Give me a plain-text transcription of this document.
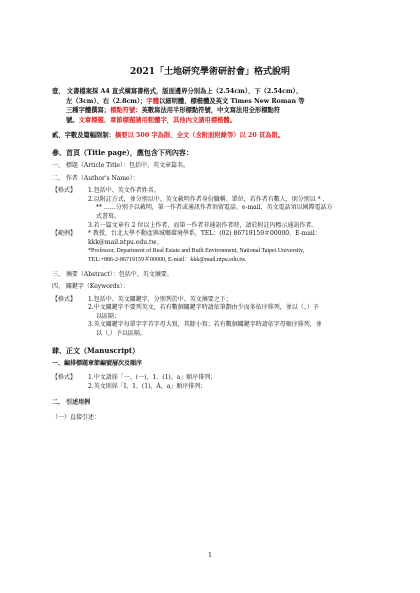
2021「土地研究學術研討會」格式說明

壹、 文書檔案採 A4 直式橫寫書格式，版面邊界分別為上（2.54cm）、下（2.54cm）、

左（3cm）、右（2.8cm）；字體以細明體、標楷體及英文 Times New Roman 等

三種字體撰寫；標點符號：英數寫法用半形標點符號，中文寫法用全形標點符

號。文章標題、章節標題請用粗體字，其他內文請用標楷體。

貳、字數及篇幅限制：摘要以 500 字為限、全文（含附面附錄等）以 20 頁為限。

參、首頁（Title page），應包含下列內容：

一、 標題（Article Title）：包括中、英文章篇名。

二、 作者（Author's Name）：

【格式】	1.包括中、英文作者姓名。

2.以附註方式，並分別以中、英文載明作者身份職稱、單位，若作者有數人，則分別以 * 、

** ……分別予以載明，第一作者或通訊作者須留電話、e-mail、英文電話須以國際電話方

式書寫。

3.若一篇文章有 2 位以上作者，而第一作者非通訊作者時，請於附註內標示通訊作者。

【範例】	* 教授，台北大學不動產與城鄉環境學系，TEL：(02) 86719159＃00000，E-mail：

kkk@mail.ntpu.edu.tw。

*Professor, Department of Real Estate and Built Environment, National Taipei University,

TEL:+886-2-86719159＃00000, E-mail：kkk@mail.ntpu.edu.tw.

三、 摘要（Abstract）：包括中、英文摘要。

四、 關鍵字（Keywords）：

【格式】	1.包括中、英文關鍵字，分別列於中、英文摘要之下；

2.中文關鍵字不要列英文，若有數個關鍵字時請依筆劃由少而多依序排列，並以（、）予

以區隔；

3.英文關鍵字每單字字首字母大寫，其餘小寫；若有數個關鍵字時請依字母順序排列，並

以（,）予以區隔。

肆、正文（Manuscript）

一、編排標題章節編號層次及順序

【格式】	1.中文請採「一、(一)、1、(1)、a」順序排列；

2.英文則採「Ⅰ、1、(1)、A、a」順序排列；

二、 引述用例

（一）直接引述：

1
